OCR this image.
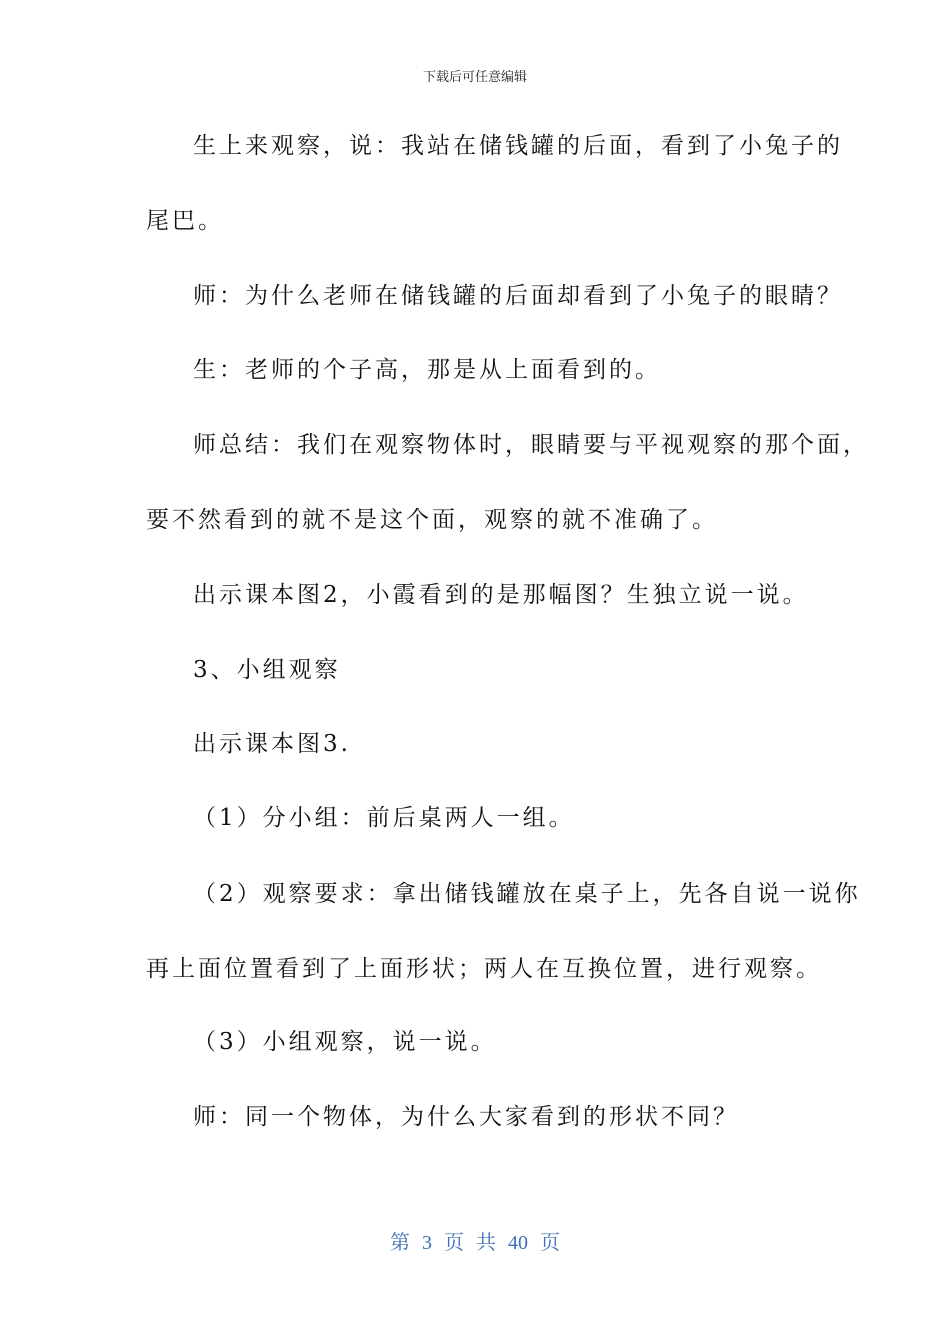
下载后可任意编辑
生上来观察，说：我站在储钱罐的后面，看到了小兔子的
尾巴。
师：为什么老师在储钱罐的后面却看到了小兔子的眼睛？
生：老师的个子高，那是从上面看到的。
师总结：我们在观察物体时，眼睛要与平视观察的那个面，
要不然看到的就不是这个面，观察的就不准确了。
出示课本图2，小霞看到的是那幅图？生独立说一说。
3、小组观察
出示课本图3.
（1）分小组：前后桌两人一组。
（2）观察要求：拿出储钱罐放在桌子上，先各自说一说你
再上面位置看到了上面形状；两人在互换位置，进行观察。
（3）小组观察，说一说。
师：同一个物体，为什么大家看到的形状不同？
第 3 页 共 40 页
